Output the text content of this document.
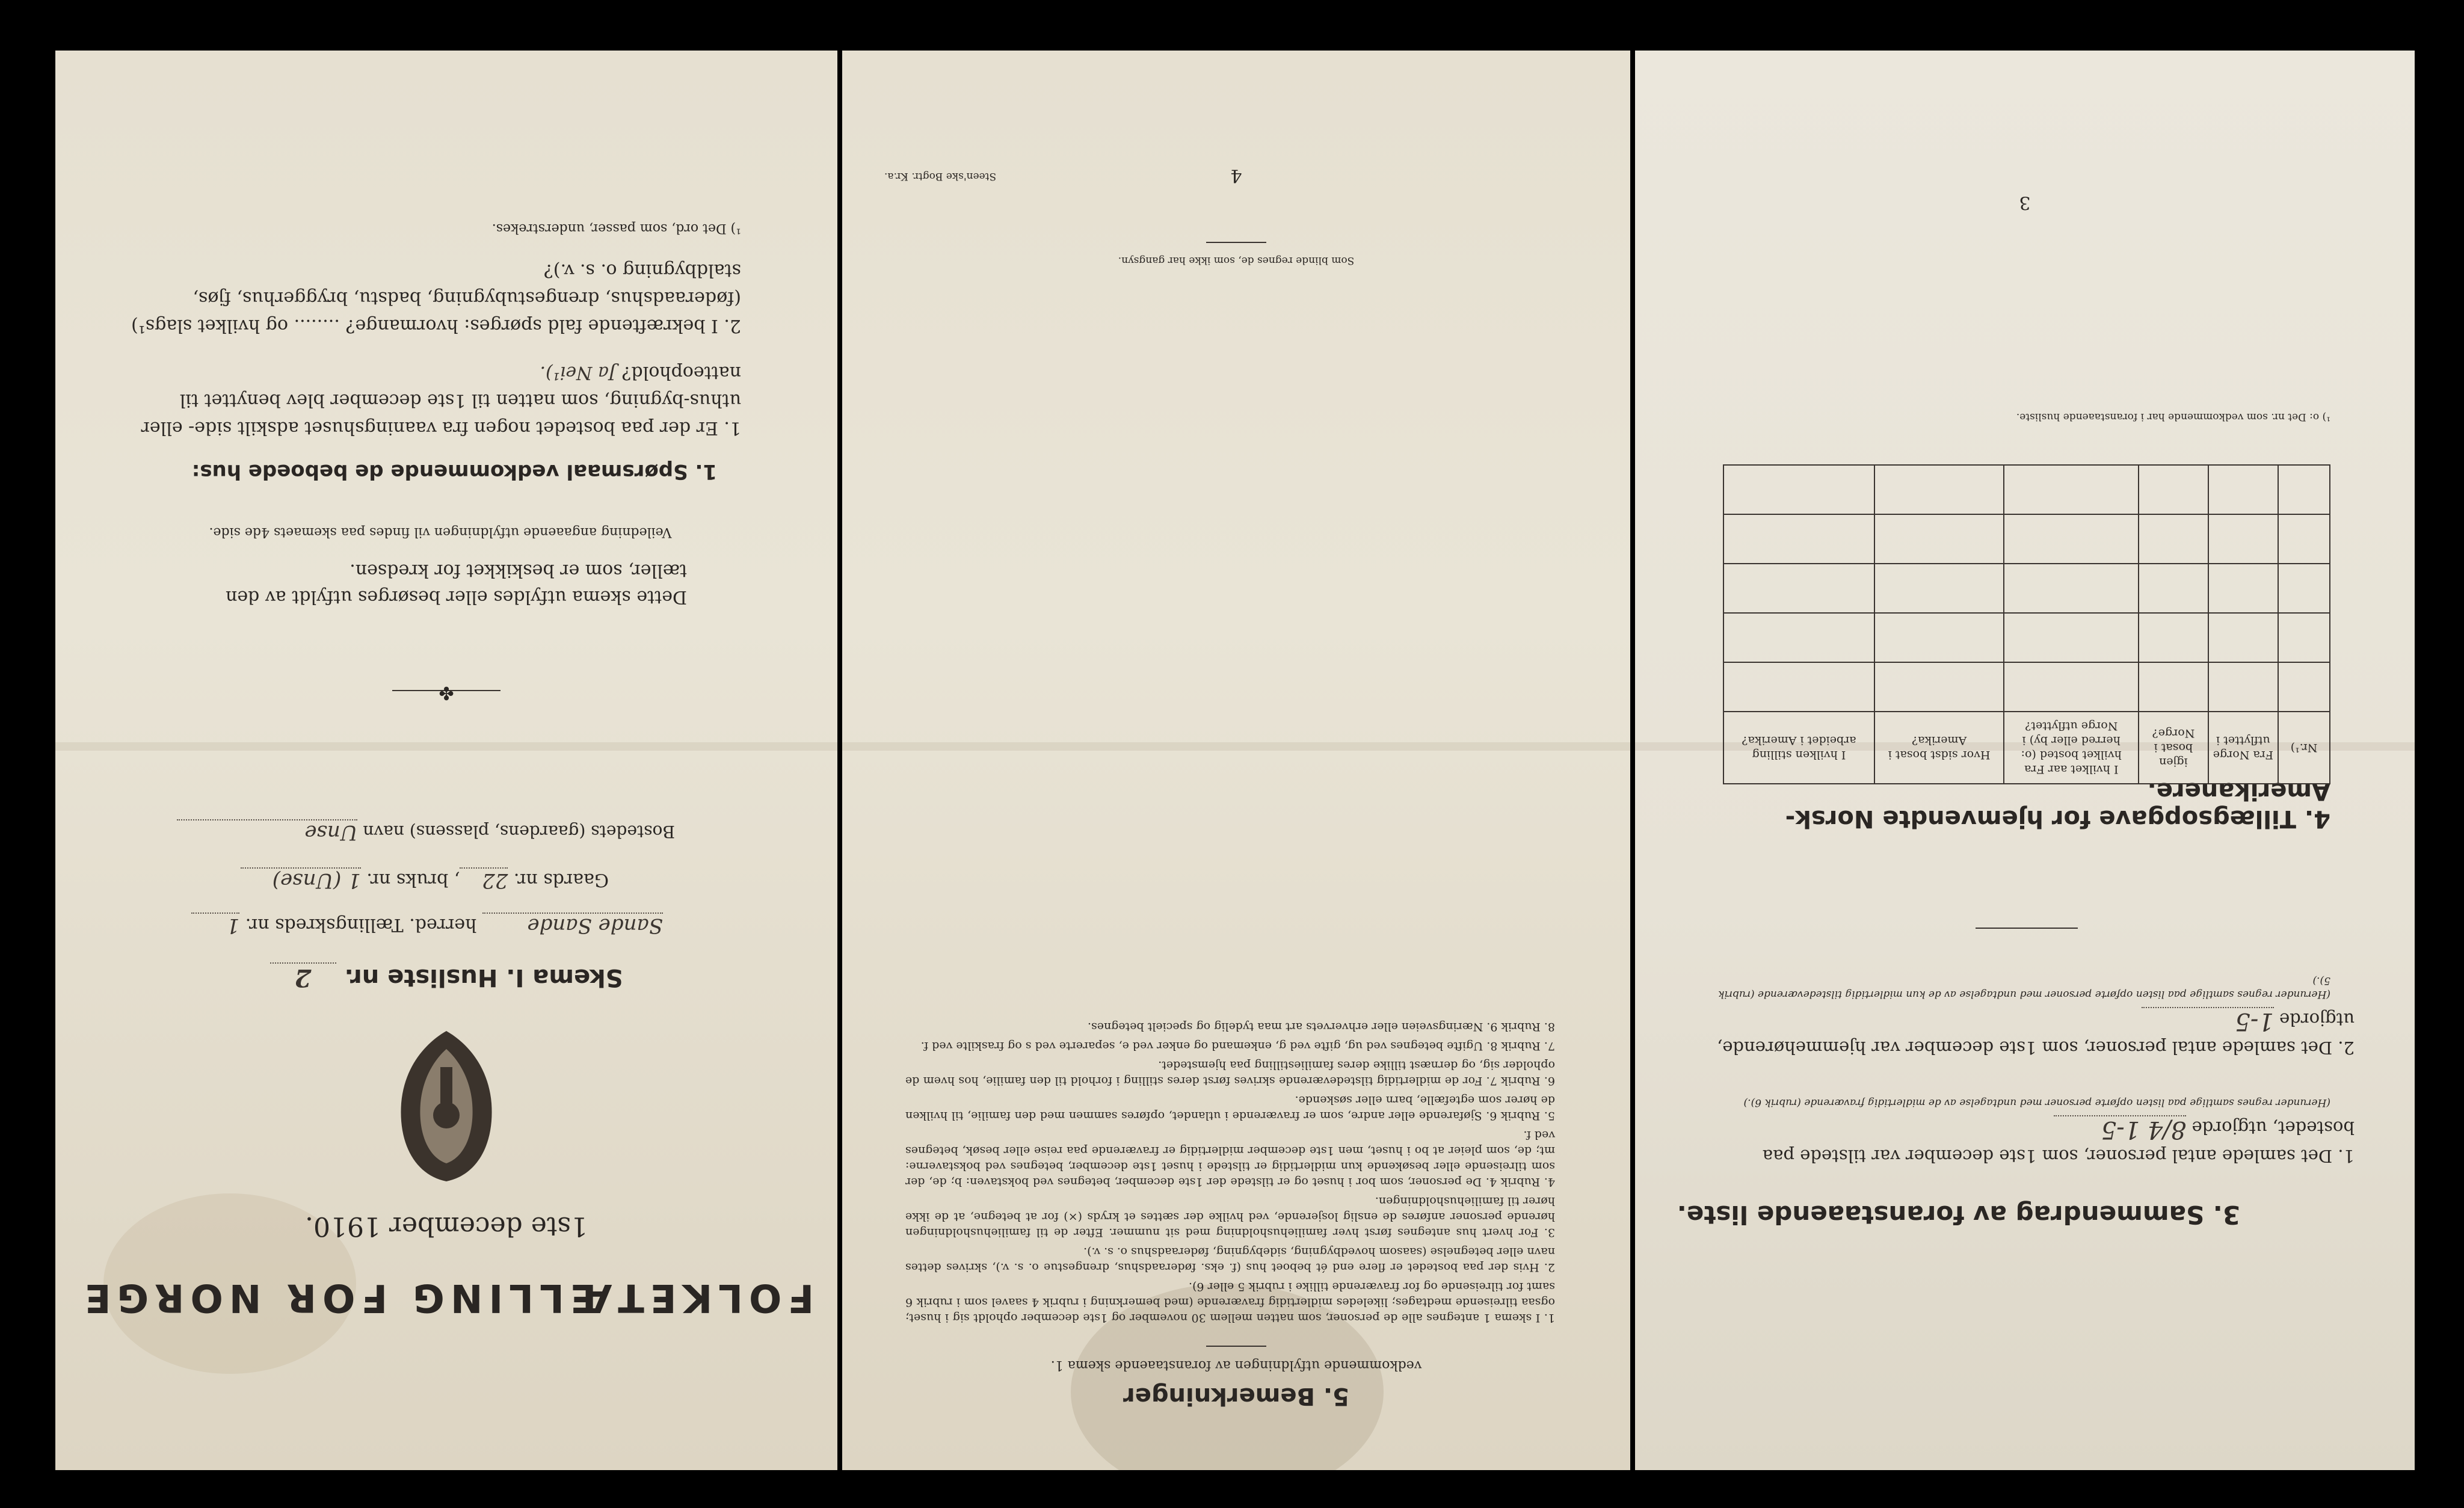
FOLKETÆLLING FOR NORGE
1ste december 1910.
Skema I. Husliste nr. 2
Sande Sande herred. Tællingskreds nr. 1
Gaards nr. 22, bruks nr. 1 (Unse)
Bostedets (gaardens, plassens) navn Unse
✤
Dette skema utfyldes eller besørges utfyldt av den tæller, som er beskikket for kredsen.
Veiledning angaaende utfyldningen vil findes paa skemaets 4de side.
1. Spørsmaal vedkommende de beboede hus:
1. Er der paa bostedet nogen fra vaaningshuset adskilt side- eller uthus-bygning, som natten til 1ste december blev benyttet til natteophold? Ja Nei¹).
2. I bekræftende fald spørges: hvormange? ........ og hvilket slags¹) (føderaadshus, drengestubygning, badstu, bryggerhus, fjøs, staldbygning o. s. v.)?
¹) Det ord, som passer, understrekes.
5. Bemerkninger
vedkommende utfyldningen av foranstaaende skema 1.

1. I skema 1 antegnes alle de personer, som natten mellem 30 november og 1ste december opholdt sig i huset; ogsaa tilreisende medtages; likeledes midlertidig fraværende (med bemerkning i rubrik 4 saavel som i rubrik 6 samt for tilreisende og for fraværende tillike i rubrik 5 eller 6).

2. Hvis der paa bostedet er flere end ét beboet hus (f. eks. føderaadshus, drengestue o. s. v.), skrives dettes navn eller betegnelse (saasom hovedbygning, sidebygning, føderaadshus o. s. v.).

3. For hvert hus antegnes først hver familiehusholdning med sit nummer. Efter de til familiehusholdningen hørende personer anføres de enslig losjerende, ved hvilke der sættes et kryds (×) for at betegne, at de ikke hører til familiehusholdningen.

4. Rubrik 4. De personer, som bor i huset og er tilstede der 1ste december, betegnes ved bokstaven: b; de, der som tilreisende eller besøkende kun midlertidig er tilstede i huset 1ste december, betegnes ved bokstaverne: mt; de, som pleier at bo i huset, men 1ste december midlertidig er fraværende paa reise eller besøk, betegnes ved f.

5. Rubrik 6. Sjøfarende eller andre, som er fraværende i utlandet, opføres sammen med den familie, til hvilken de hører som egtefælle, barn eller søskende.

6. Rubrik 7. For de midlertidig tilstedeværende skrives først deres stilling i forhold til den familie, hos hvem de opholder sig, og dernæst tillike deres familiestilling paa hjemstedet.

7. Rubrik 8. Ugifte betegnes ved ug, gifte ved g, enkemand og enker ved e, separerte ved s og fraskilte ved f.

8. Rubrik 9. Næringsveien eller erhvervets art maa tydelig og specielt betegnes.

Som blinde regnes de, som ikke har gangsyn.
4
Steen'ske Bogtr. Kr.a.
3. Sammendrag av foranstaaende liste.
1. Det samlede antal personer, som 1ste december var tilstede paa bostedet, utgjorde 8/4 1-5
(Herunder regnes samtlige paa listen opførte personer med undtagelse av de midlertidig fraværende (rubrik 6).)
2. Det samlede antal personer, som 1ste december var hjemmehørende, utgjorde 1-5
(Herunder regnes samtlige paa listen opførte personer med undtagelse av de kun midlertidig tilstedeværende (rubrik 5).)
4. Tillægsopgave for hjemvendte Norsk-Amerikanere.
Nr.¹)	Fra Norge utflyttet i	igjen bosat i Norge?	I hvilket aar Fra hvilket bosted (o: herred eller by) i Norge utflyttet?	Hvor sidst bosat i Amerika?	I hvilken stilling arbeidet i Amerika?

¹) o: Det nr. som vedkommende har i foranstaaende husliste.
3
